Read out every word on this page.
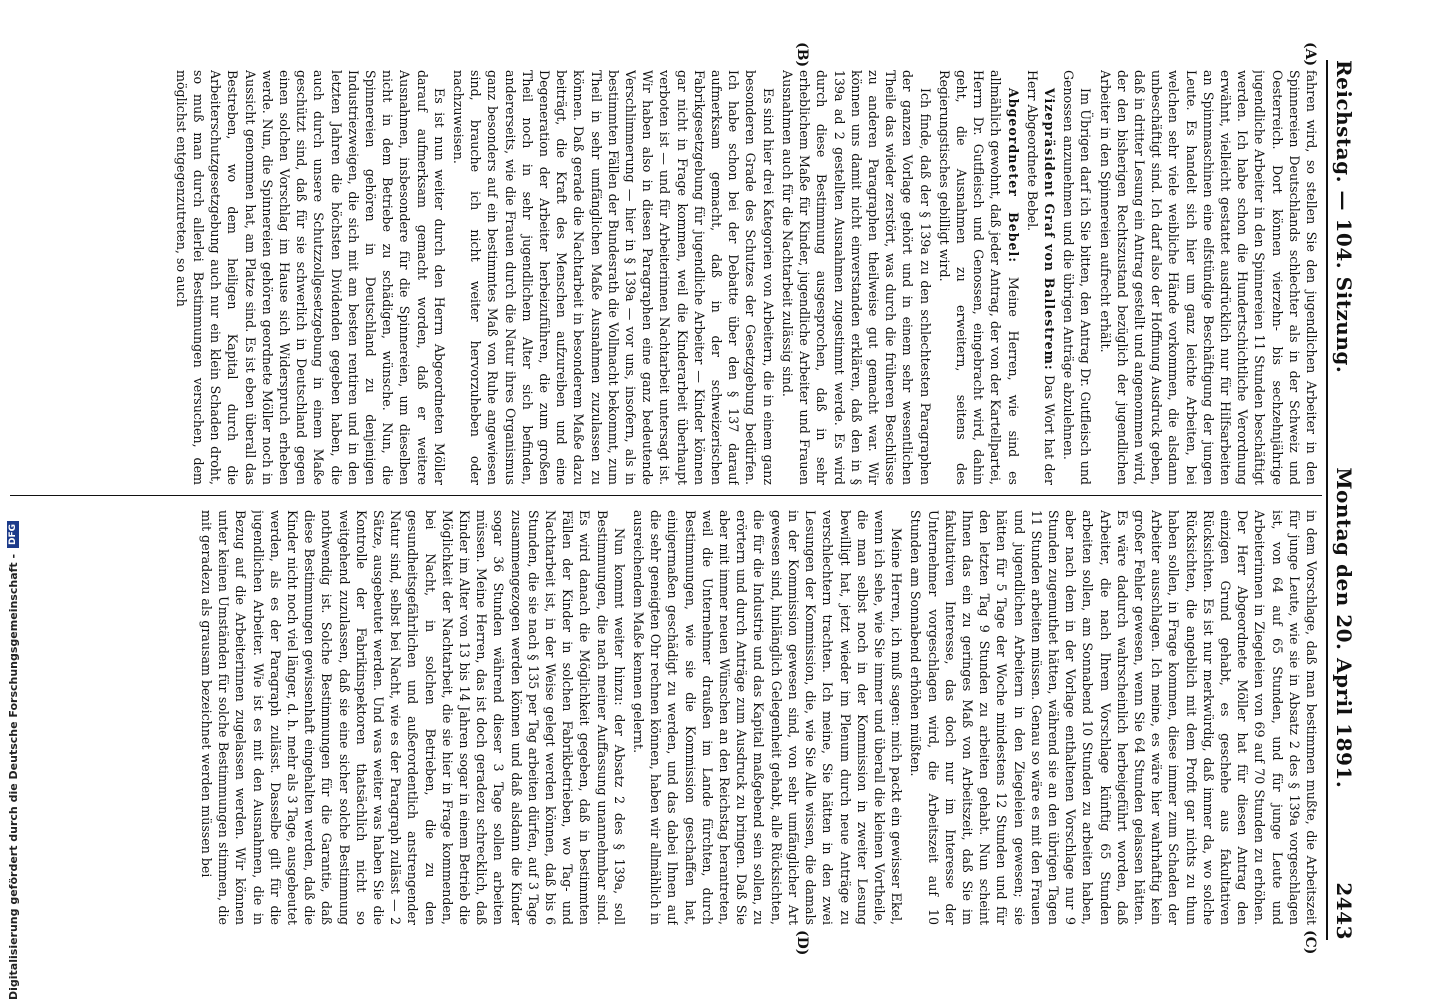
Reichstag. — 104. Sitzung.
Montag den 20. April 1891.
2443
(A)
(B)
(C)
(D)

fahren wird, so stellen Sie den jugendlichen Arbeiter in den Spinnereien Deutschlands schlechter als in der Schweiz und Oesterreich. Dort können vierzehn- bis sechzehnjährige jugendliche Arbeiter in den Spinnereien 11 Stunden beschäftigt werden. Ich habe schon die Hundertschichtliche Verordnung erwähnt, vielleicht gestattet ausdrücklich nur für Hilfsarbeiten an Spinnmaschinen eine elfstündige Beschäftigung der jungen Leute. Es handelt sich hier um ganz leichte Arbeiten, bei welchen sehr viele weibliche Hände vorkommen, die alsdann unbeschäftigt sind. Ich darf also der Hoffnung Ausdruck geben, daß in dritter Lesung ein Antrag gestellt und angenommen wird, der den bisherigen Rechtszustand bezüglich der jugendlichen Arbeiter in den Spinnereien aufrecht erhält.

Im Übrigen darf ich Sie bitten, den Antrag Dr. Gutfleisch und Genossen anzunehmen und die übrigen Anträge abzulehnen.

Vizepräsident Graf von Ballestrem: Das Wort hat der Herr Abgeordnete Bebel.

Abgeordneter Bebel: Meine Herren, wie sind es allmählich gewohnt, daß jeder Antrag, der von der Kartellpartei, Herrn Dr. Gutfleisch und Genossen, eingebracht wird, dahin geht, die Ausnahmen zu erweitern, seitens des Regierungstisches gebilligt wird.

Ich finde, daß der § 139a zu den schlechtesten Paragraphen der ganzen Vorlage gehört und in einem sehr wesentlichen Theile das wieder zerstört, was durch die früheren Beschlüsse zu anderen Paragraphen theilweise gut gemacht war. Wir können uns damit nicht einverstanden erklären, daß den in § 139a ad 2 gestellten Ausnahmen zugestimmt werde. Es wird durch diese Bestimmung ausgesprochen, daß in sehr erheblichem Maße für Kinder, jugendliche Arbeiter und Frauen Ausnahmen auch für die Nachtarbeit zulässig sind.

Es sind hier drei Kategorien von Arbeitern, die in einem ganz besonderen Grade des Schutzes der Gesetzgebung bedürfen. Ich habe schon bei der Debatte über den § 137 darauf aufmerksam gemacht, daß in der schweizerischen Fabrikgesetzgebung für jugendliche Arbeiter — Kinder können gar nicht in Frage kommen, weil die Kinderarbeit überhaupt verboten ist — und für Arbeiterinnen Nachtarbeit untersagt ist. Wir haben also in diesen Paragraphen eine ganz bedeutende Verschlimmerung — hier in § 139a — vor uns, insofern, als in bestimmten Fällen der Bundesrath die Vollmacht bekommt, zum Theil in sehr umfänglichen Maße Ausnahmen zuzulassen zu können. Daß gerade die Nachtarbeit in besonderem Maße dazu beiträgt, die Kraft des Menschen aufzureiben und eine Degeneration der Arbeiter herbeizuführen, die zum großen Theil noch in sehr jugendlichem Alter sich befinden, andererseits, wie die Frauen durch die Natur ihres Organismus ganz besonders auf ein bestimmtes Maß von Ruhe angewiesen sind, brauche ich nicht weiter hervorzuheben oder nachzuweisen.

Es ist nun weiter durch den Herrn Abgeordneten Möller darauf aufmerksam gemacht worden, daß er weitere Ausnahmen, insbesondere für die Spinnereien, um dieselben nicht in dem Betriebe zu schädigen, wünsche. Nun, die Spinnereien gehören in Deutschland zu denjenigen Industriezweigen, die sich mit am besten rentiren und in den letzten Jahren die höchsten Dividenden gegeben haben, die auch durch unsere Schutzzollgesetzgebung in einem Maße geschützt sind, daß für sie schwerlich in Deutschland gegen einen solchen Vorschlag im Hause sich Widerspruch erheben werde. Nun, die Spinnereien gehören geordnete Möller noch in Aussicht genommen hat, am Platze sind. Es ist eben überall das Bestreben, wo dem heiligen Kapital durch die Arbeiterschutzgesetzgebung auch nur ein klein Schaden droht, so muß man durch allerlei Bestimmungen versuchen, dem möglichst entgegenzutreten, so auch

in dem Vorschlage, daß man bestimmen mußte, die Arbeitszeit für junge Leute, wie sie in Absatz 2 des § 139a vorgeschlagen ist, von 64 auf 65 Stunden, und für junge Leute und Arbeiterinnen in Ziegeleien von 69 auf 70 Stunden zu erhöhen. Der Herr Abgeordnete Möller hat für diesen Antrag den einzigen Grund gehabt, es geschehe aus fakultativen Rücksichten. Es ist nur merkwürdig, daß immer da, wo solche Rücksichten, die angeblich mit dem Profit gar nichts zu thun haben sollen, in Frage kommen, diese immer zum Schaden der Arbeiter ausschlagen. Ich meine, es wäre hier wahrhaftig kein großer Fehler gewesen, wenn Sie 64 Stunden gelassen hätten. Es wäre dadurch wahrscheinlich herbeigeführt worden, daß Arbeiter, die nach Ihrem Vorschlage künftig 65 Stunden arbeiten sollen, am Sonnabend 10 Stunden zu arbeiten haben, aber nach dem in der Vorlage enthaltenen Vorschlage nur 9 Stunden zugemuthet hätten, während sie an den übrigen Tagen 11 Stunden arbeiten müssen. Genau so wäre es mit den Frauen und jugendlichen Arbeitern in den Ziegeleien gewesen; sie hätten für 5 Tage der Woche mindestens 12 Stunden und für den letzten Tag 9 Stunden zu arbeiten gehabt. Nun scheint Ihnen das ein zu geringes Maß von Arbeitszeit, daß Sie im fakultativen Interesse, das doch nur im Interesse der Unternehmer vorgeschlagen wird, die Arbeitszeit auf 10 Stunden am Sonnabend erhöhen müßten.

Meine Herren, ich muß sagen: mich packt ein gewisser Ekel, wenn ich sehe, wie Sie immer und überall die kleinen Vortheile, die man selbst noch in der Kommission in zweiter Lesung bewilligt hat, jetzt wieder im Plenum durch neue Anträge zu verschlechtern trachten. Ich meine, Sie hätten in den zwei Lesungen der Kommission, die, wie Sie Alle wissen, die damals in der Kommission gewesen sind, von sehr umfänglicher Art gewesen sind, hinlänglich Gelegenheit gehabt, alle Rücksichten, die für die Industrie und das Kapital maßgebend sein sollen, zu erörtern und durch Anträge zum Ausdruck zu bringen. Daß Sie aber mit immer neuen Wünschen an den Reichstag herantreten, weil die Unternehmer draußen im Lande fürchten, durch Bestimmungen, wie sie die Kommission geschaffen hat, einigermaßen geschädigt zu werden, und das dabei Ihnen auf die sehr geneigten Ohr rechnen können, haben wir allmählich in ausreichendem Maße kennen gelernt.

Nun kommt weiter hinzu: der Absatz 2 des § 139a, soll Bestimmungen, die nach meiner Auffassung unannehmbar sind. Es wird danach die Möglichkeit gegeben, daß in bestimmten Fällen der Kinder in solchen Fabrikbetrieben, wo Tag- und Nachtarbeit ist, in der Weise gelegt werden können, daß bis 6 Stunden, die sie nach § 135 per Tag arbeiten dürfen, auf 3 Tage zusammengezogen werden können und daß alsdann die Kinder sogar 36 Stunden während dieser 3 Tage sollen arbeiten müssen. Meine Herren, das ist doch geradezu schrecklich, daß Kinder im Alter von 13 bis 14 Jahren sogar in einem Betrieb die Möglichkeit der Nachtarbeit, die sie hier in Frage kommenden, bei Nacht, in solchen Betrieben, die zu den gesundheitsgefährlichen und außerordentlich anstrengender Natur sind, selbst bei Nacht, wie es der Paragraph zulässt — 2 Sätze, ausgebeutet werden. Und was weiter was haben Sie die Kontrolle der Fabrikinspektoren thatsächlich nicht so weitgehend zuzulassen, daß sie eine sicher solche Bestimmung nothwendig ist. Solche Bestimmungen für die Garantie, daß diese Bestimmungen gewissenhaft eingehalten werden, daß die Kinder nicht noch viel länger, d. h. mehr als 3 Tage, ausgebeutet werden, als es der Paragraph zulässt. Dasselbe gilt für die jugendlichen Arbeiter. Wie ist es mit den Ausnahmen, die in Bezug auf die Arbeiterinnen zugelassen werden. Wir können unter keinen Umständen für solche Bestimmungen stimmen, die mit geradezu als grausam bezeichnet werden müssen bei

Digitalisierung gefördert durch die Deutsche Forschungsgemeinschaft -
DFG
